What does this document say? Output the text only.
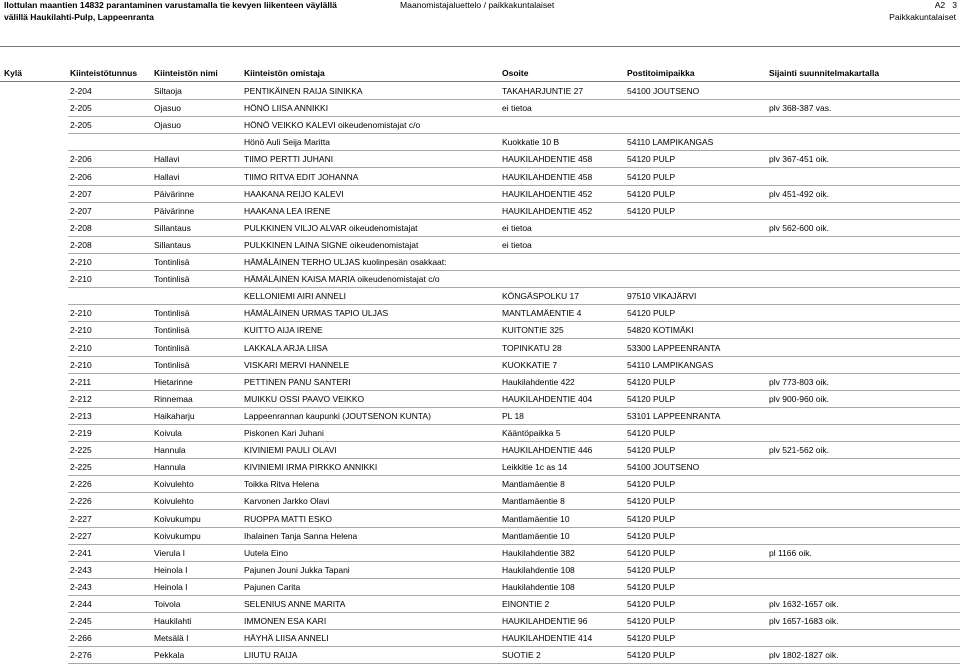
Ilottulan maantien 14832 parantaminen varustamalla tie kevyen liikenteen väylällä
välillä Haukilahti-Pulp, Lappeenranta
Maanomistajaluettelo / paikkakuntalaiset	A2 3
Paikkakuntalaiset
Kylä	Kiinteistötunnus Kiinteistön nimi	Kiinteistön omistaja	Osoite	Postitoimipaikka	Sijainti suunnitelmakartalla
2-204	Siltaoja	PENTIKÄINEN RAIJA SINIKKA	TAKAHARJUNTIE 27	54100 JOUTSENO
2-205	Ojasuo	HÖNÖ LIISA ANNIKKI	ei tietoa	plv 368-387 vas.
2-205	Ojasuo	HÖNÖ VEIKKO KALEVI oikeudenomistajat c/o
Hönö Auli Seija Maritta	Kuokkatie 10 B	54110 LAMPIKANGAS
2-206	Hallavi	TIIMO PERTTI JUHANI	HAUKILAHDENTIE 458	54120 PULP	plv 367-451 oik.
2-206	Hallavi	TIIMO RITVA EDIT JOHANNA	HAUKILAHDENTIE 458	54120 PULP
2-207	Päivärinne	HAAKANA REIJO KALEVI	HAUKILAHDENTIE 452	54120 PULP	plv 451-492 oik.
2-207	Päivärinne	HAAKANA LEA IRENE	HAUKILAHDENTIE 452	54120 PULP
2-208	Sillantaus	PULKKINEN VILJO ALVAR oikeudenomistajat	ei tietoa	plv 562-600 oik.
2-208	Sillantaus	PULKKINEN LAINA SIGNE oikeudenomistajat	ei tietoa
2-210	Tontinlisä	HÄMÄLÄINEN TERHO ULJAS kuolinpesän osakkaat:
2-210	Tontinlisä	HÄMÄLÄINEN KAISA MARIA oikeudenomistajat c/o
KELLONIEMI AIRI ANNELI	KÖNGÄSPOLKU 17	97510 VIKAJÄRVI
2-210	Tontinlisä	HÄMÄLÄINEN URMAS TAPIO ULJAS	MANTLAMÄENTIE 4	54120 PULP
2-210	Tontinlisä	KUITTO AIJA IRENE	KUITONTIE 325	54820 KOTIMÄKI
2-210	Tontinlisä	LAKKALA ARJA LIISA	TOPINKATU 28	53300 LAPPEENRANTA
2-210	Tontinlisä	VISKARI MERVI HANNELE	KUOKKATIE 7	54110 LAMPIKANGAS
2-211	Hietarinne	PETTINEN PANU SANTERI	Haukilahdentie 422	54120 PULP	plv 773-803 oik.
2-212	Rinnemaa	MUIKKU OSSI PAAVO VEIKKO	HAUKILAHDENTIE 404	54120 PULP	plv 900-960 oik.
2-213	Haikaharju	Lappeenrannan kaupunki (JOUTSENON KUNTA)	PL 18	53101 LAPPEENRANTA
2-219	Koivula	Piskonen Kari Juhani	Kääntöpaikka 5	54120 PULP
2-225	Hannula	KIVINIEMI PAULI OLAVI	HAUKILAHDENTIE 446	54120 PULP	plv 521-562 oik.
2-225	Hannula	KIVINIEMI IRMA PIRKKO ANNIKKI	Leikkitie 1c as 14	54100 JOUTSENO
2-226	Koivulehto	Toikka Ritva Helena	Mantlamäentie 8	54120 PULP
2-226	Koivulehto	Karvonen Jarkko Olavi	Mantlamäentie 8	54120 PULP
2-227	Koivukumpu	RUOPPA MATTI ESKO	Mantlamäentie 10	54120 PULP
2-227	Koivukumpu	Ihalainen Tanja Sanna Helena	Mantlamäentie 10	54120 PULP
2-241	Vierula I	Uutela Eino	Haukilahdentie 382	54120 PULP	pl 1166 oik.
2-243	Heinola I	Pajunen Jouni Jukka Tapani	Haukilahdentie 108	54120 PULP
2-243	Heinola I	Pajunen Carita	Haukilahdentie 108	54120 PULP
2-244	Toivola	SELENIUS ANNE MARITA	EINONTIE 2	54120 PULP	plv 1632-1657 oik.
2-245	Haukilahti	IMMONEN ESA KARI	HAUKILAHDENTIE 96	54120 PULP	plv 1657-1683 oik.
2-266	Metsälä I	HÄYHÄ LIISA ANNELI	HAUKILAHDENTIE 414	54120 PULP
2-276	Pekkala	LIIUTU RAIJA	SUOTIE 2	54120 PULP	plv 1802-1827 oik.
